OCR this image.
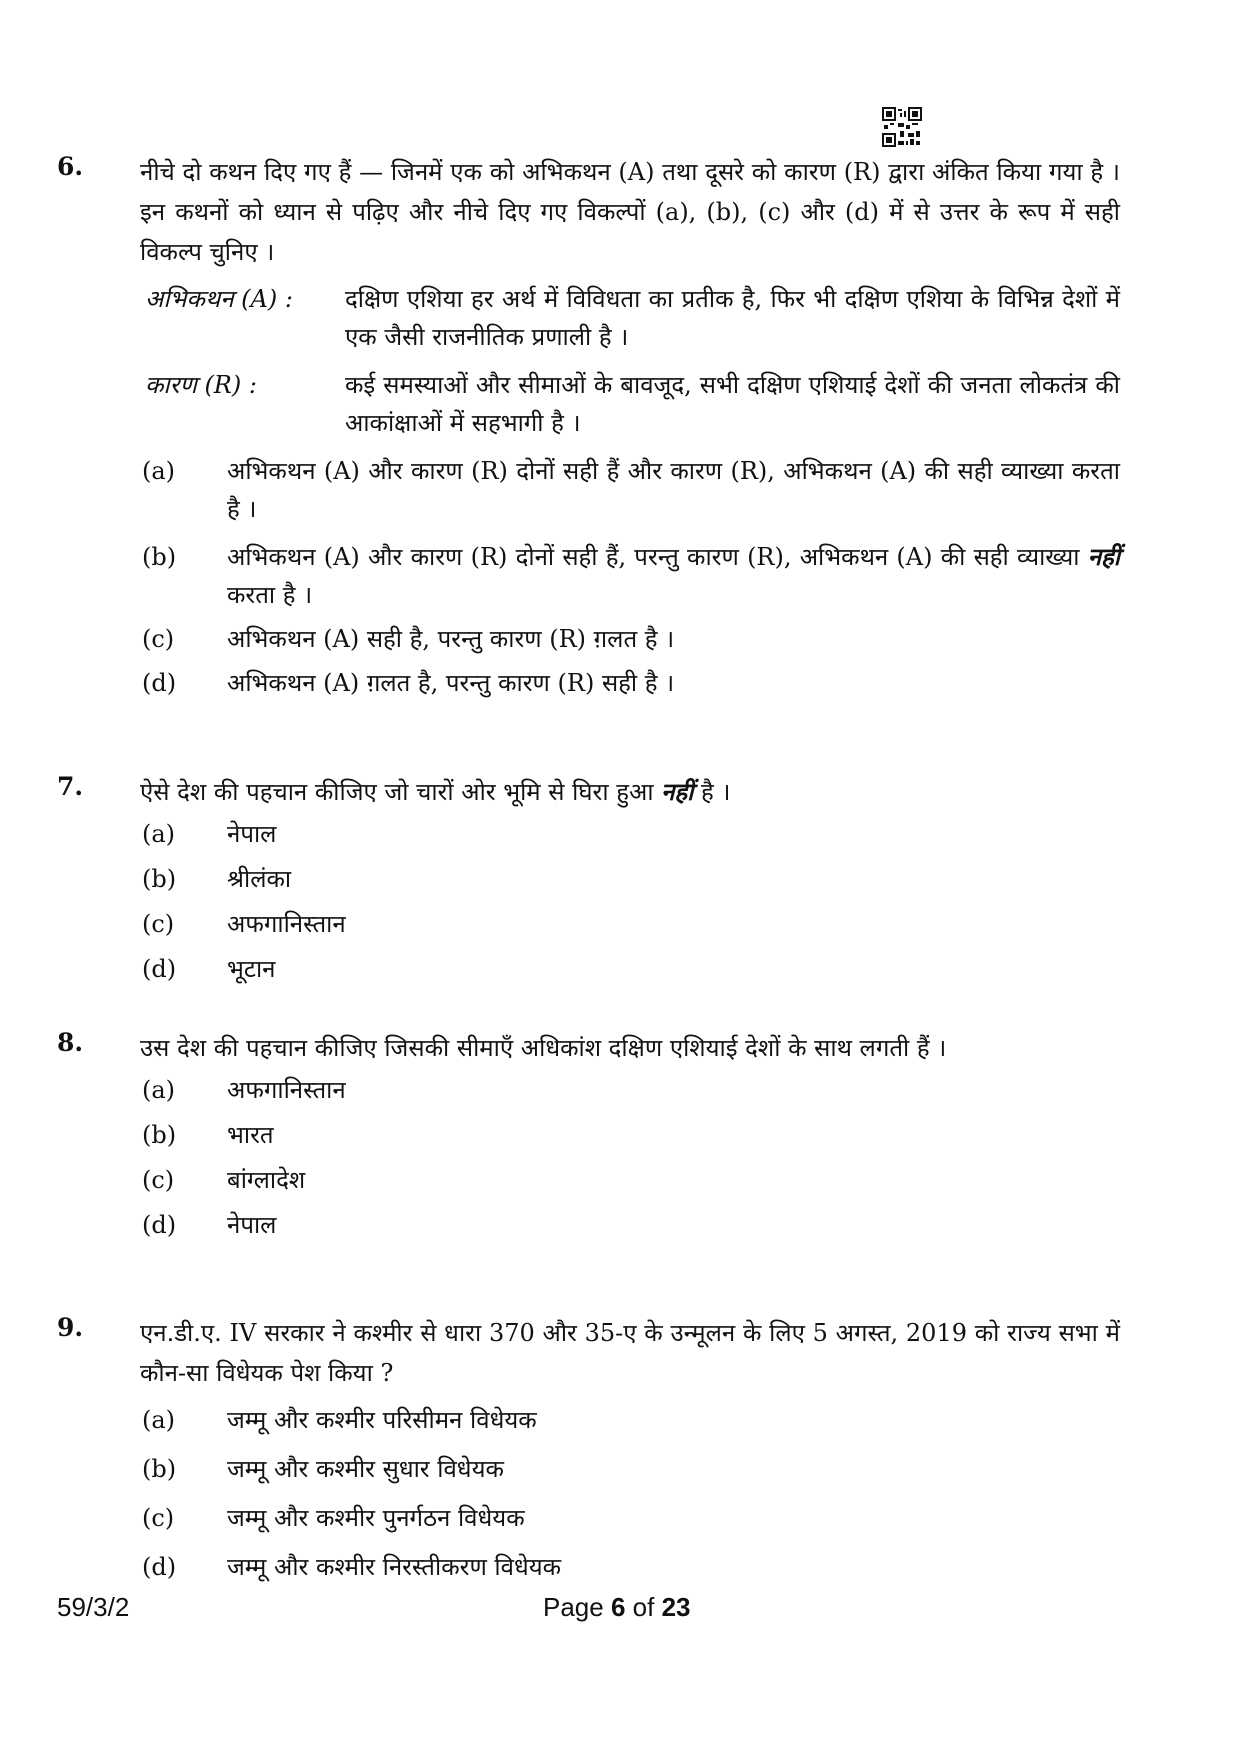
6. नीचे दो कथन दिए गए हैं — जिनमें एक को अभिकथन (A) तथा दूसरे को कारण (R) द्वारा अंकित किया गया है । इन कथनों को ध्यान से पढ़िए और नीचे दिए गए विकल्पों (a), (b), (c) और (d) में से उत्तर के रूप में सही विकल्प चुनिए ।
अभिकथन (A) :	दक्षिण एशिया हर अर्थ में विविधता का प्रतीक है, फिर भी दक्षिण एशिया के विभिन्न देशों में एक जैसी राजनीतिक प्रणाली है ।
कारण (R) :	कई समस्याओं और सीमाओं के बावजूद, सभी दक्षिण एशियाई देशों की जनता लोकतंत्र की आकांक्षाओं में सहभागी है ।
(a)	अभिकथन (A) और कारण (R) दोनों सही हैं और कारण (R), अभिकथन (A) की सही व्याख्या करता है ।
(b)	अभिकथन (A) और कारण (R) दोनों सही हैं, परन्तु कारण (R), अभिकथन (A) की सही व्याख्या नहीं करता है ।
(c)	अभिकथन (A) सही है, परन्तु कारण (R) ग़लत है ।
(d)	अभिकथन (A) ग़लत है, परन्तु कारण (R) सही है ।
7. ऐसे देश की पहचान कीजिए जो चारों ओर भूमि से घिरा हुआ नहीं है ।
(a)	नेपाल
(b)	श्रीलंका
(c)	अफगानिस्तान
(d)	भूटान
8. उस देश की पहचान कीजिए जिसकी सीमाएँ अधिकांश दक्षिण एशियाई देशों के साथ लगती हैं ।
(a)	अफगानिस्तान
(b)	भारत
(c)	बांग्लादेश
(d)	नेपाल
9. एन.डी.ए. IV सरकार ने कश्मीर से धारा 370 और 35-ए के उन्मूलन के लिए 5 अगस्त, 2019 को राज्य सभा में कौन-सा विधेयक पेश किया ?
(a)	जम्मू और कश्मीर परिसीमन विधेयक
(b)	जम्मू और कश्मीर सुधार विधेयक
(c)	जम्मू और कश्मीर पुनर्गठन विधेयक
(d)	जम्मू और कश्मीर निरस्तीकरण विधेयक
59/3/2	Page 6 of 23
